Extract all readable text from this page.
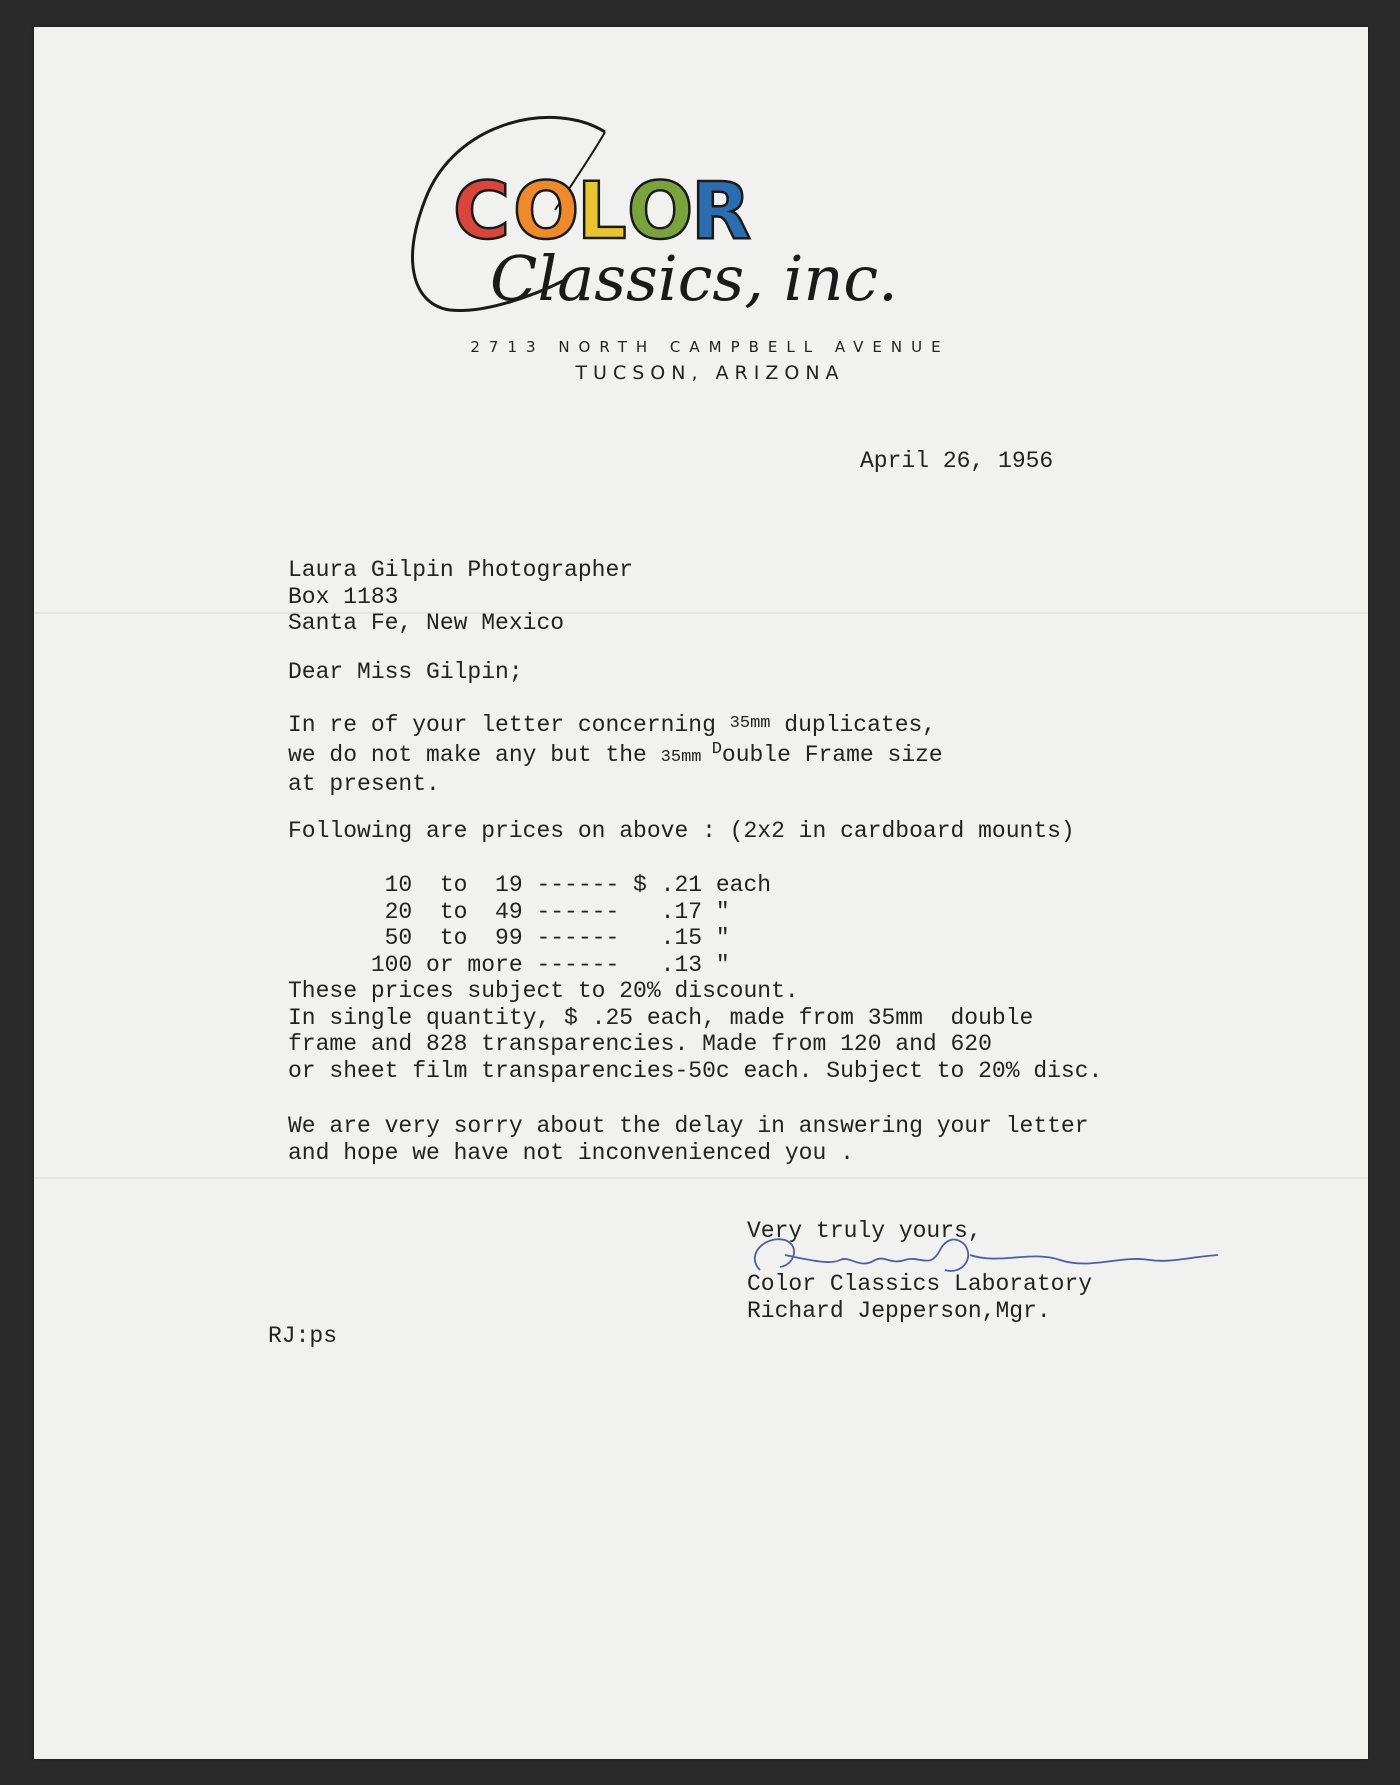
C O
L O
R
Classics, inc.
2713 NORTH CAMPBELL AVENUE
TUCSON, ARIZONA

April 26, 1956

Laura Gilpin Photographer
Box 1183
Santa Fe, New Mexico

Dear Miss Gilpin;

In re of your letter concerning 35mm duplicates,
we do not make any but the 35mm $^D$ouble Frame size
at present.

Following are prices on above : (2x2 in cardboard mounts)

10  to  19 ------ $ .21 each
20  to  49 ------   .17 "
50  to  99 ------   .15 "
100 or more ------   .13 "
These prices subject to 20% discount.
In single quantity, $ .25 each, made from 35mm  double
frame and 828 transparencies. Made from 120 and 620
or sheet film transparencies-50c each. Subject to 20% disc.
We are very sorry about the delay in answering your letter
and hope we have not inconvenienced you .
Very truly yours,
Color Classics Laboratory
Richard Jepperson,Mgr.

RJ:ps
